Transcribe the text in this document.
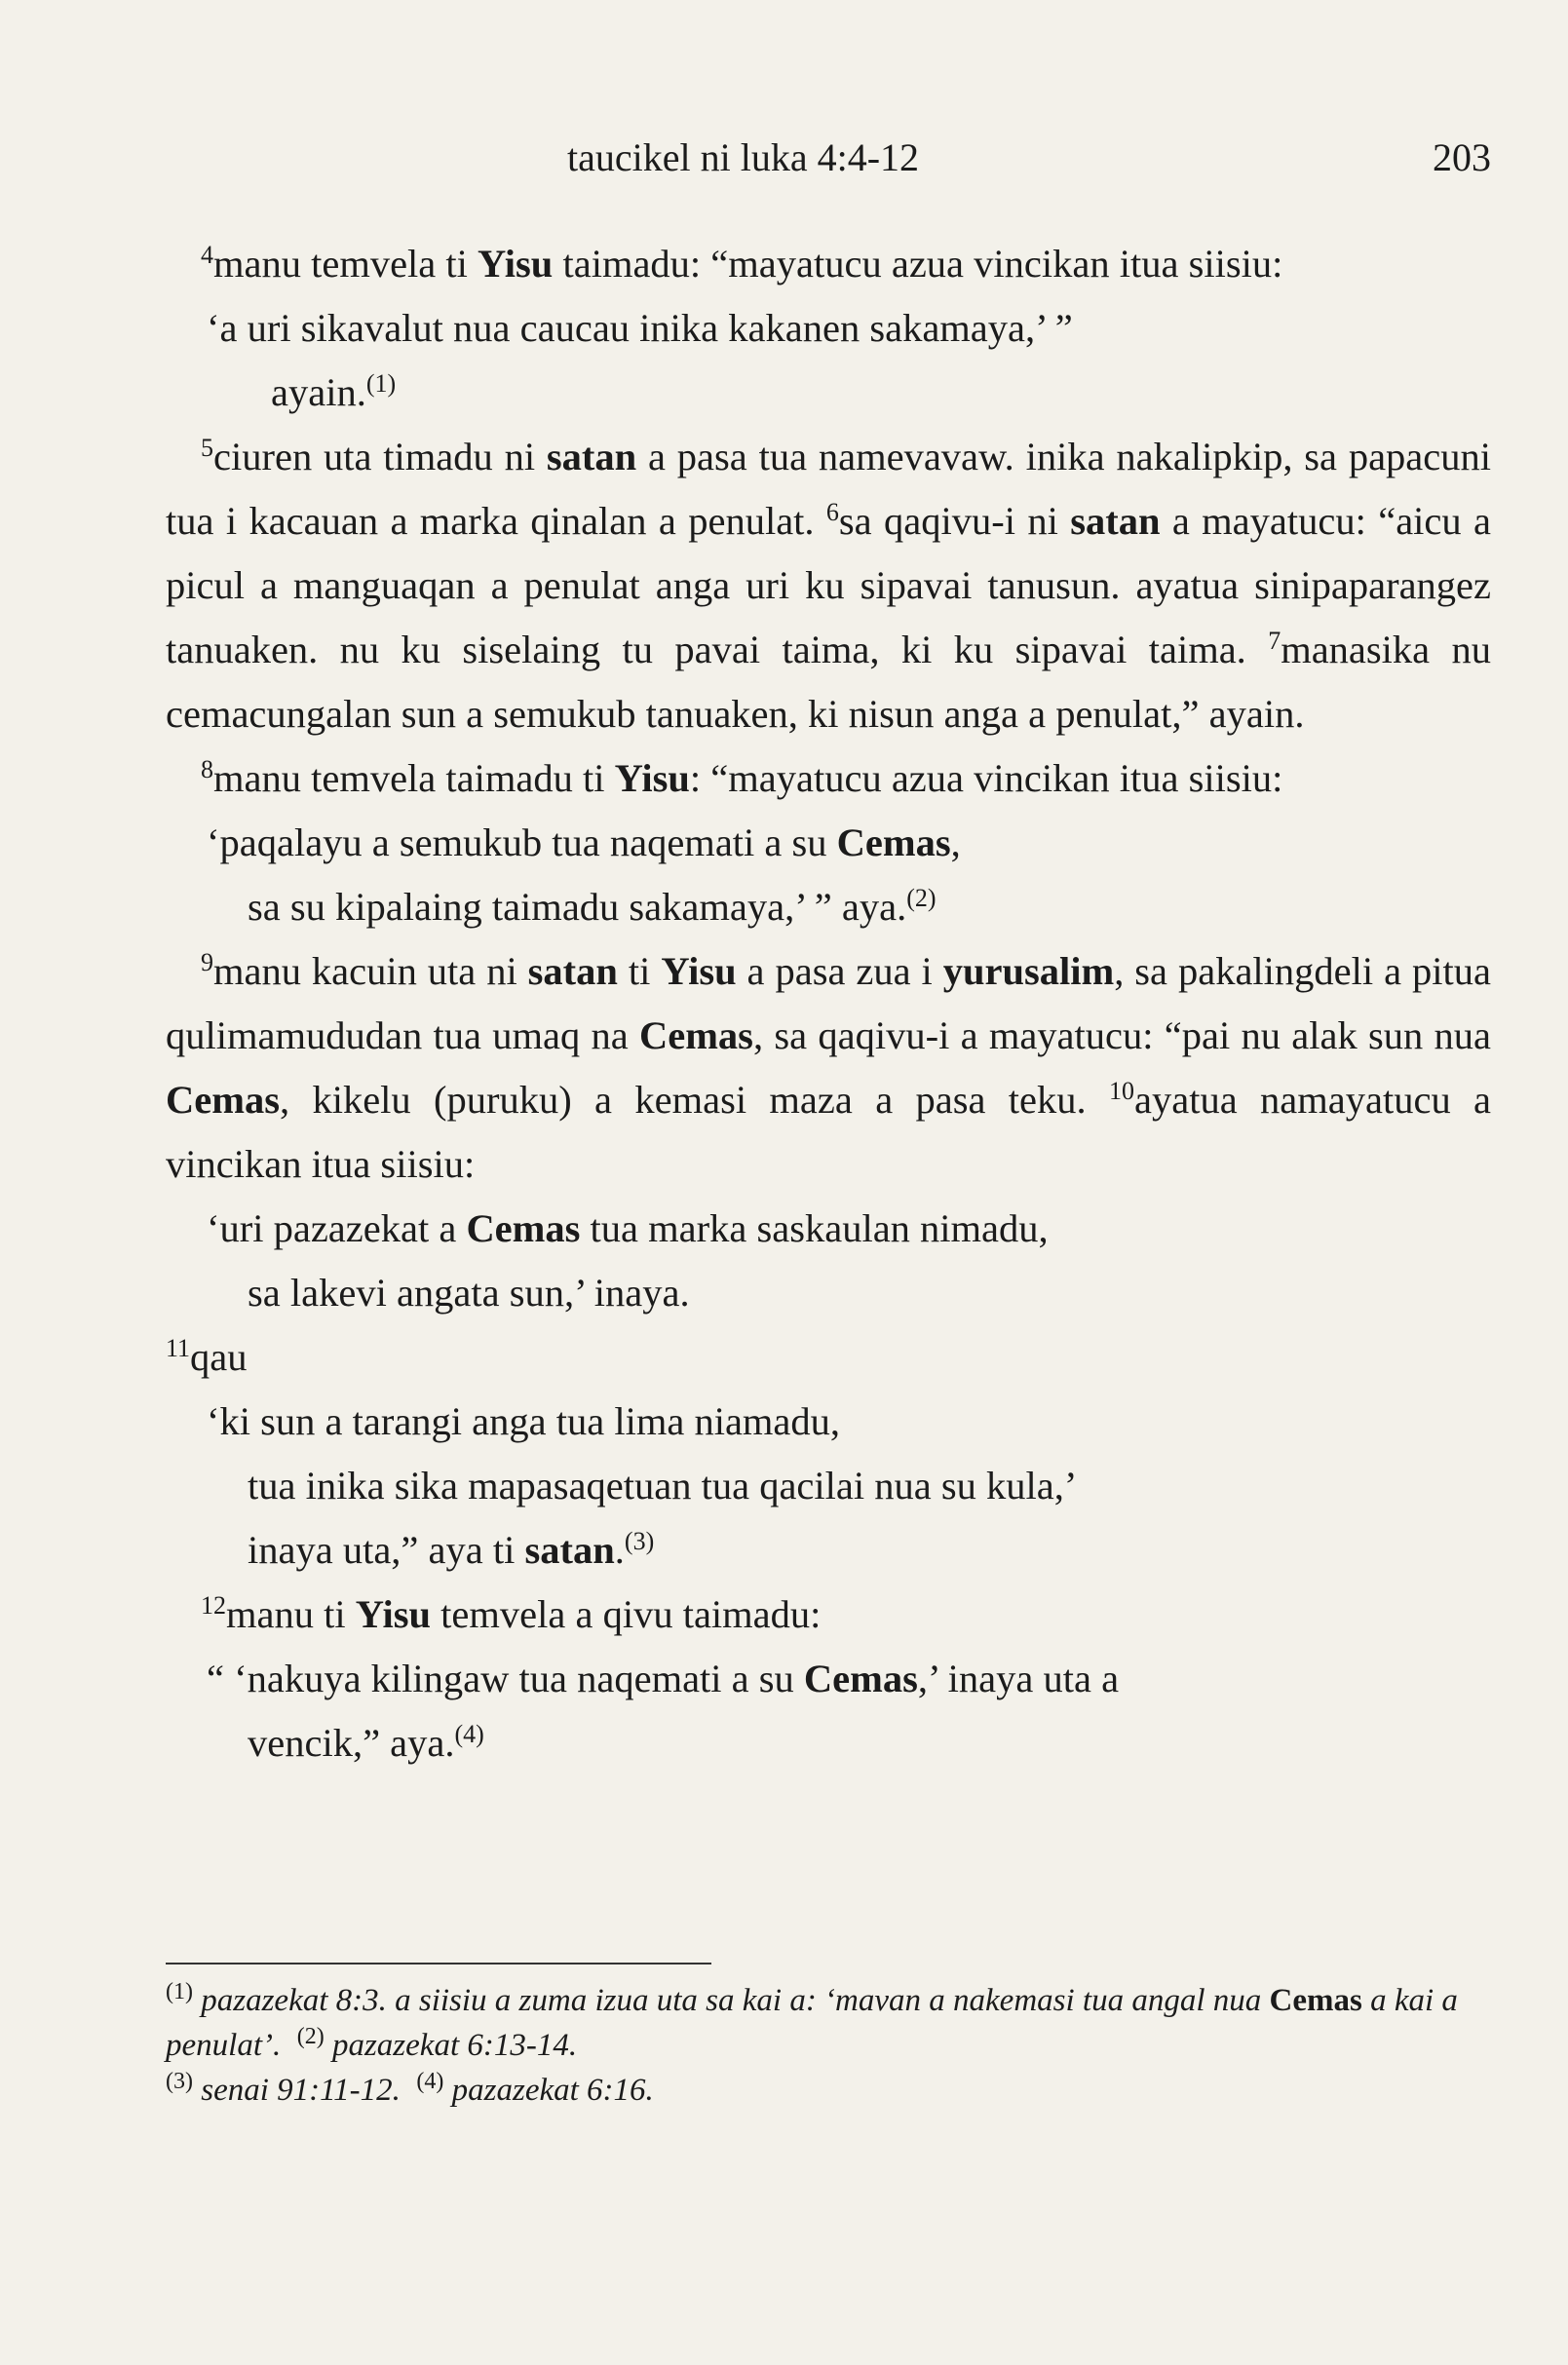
taucikel ni luka 4:4-12	203

$^4$manu temvela ti Yisu taimadu: “mayatucu azua vincikan itua siisiu:

‘a uri sikavalut nua caucau inika kakanen sakamaya,’ ”

ayain.$^{(1)}$

$^5$ciuren uta timadu ni satan a pasa tua namevavaw. inika nakalipkip, sa papacuni tua i kacauan a marka qinalan a penulat. $^6$sa qaqivu-i ni satan a mayatucu: “aicu a picul a manguaqan a penulat anga uri ku sipavai tanusun. ayatua sinipaparangez tanuaken. nu ku siselaing tu pavai taima, ki ku sipavai taima. $^7$manasika nu cemacungalan sun a semukub tanuaken, ki nisun anga a penulat,” ayain.

$^8$manu temvela taimadu ti Yisu: “mayatucu azua vincikan itua siisiu:

‘paqalayu a semukub tua naqemati a su Cemas,

sa su kipalaing taimadu sakamaya,’ ” aya.$^{(2)}$

$^9$manu kacuin uta ni satan ti Yisu a pasa zua i yurusalim, sa pakalingdeli a pitua qulimamududan tua umaq na Cemas, sa qaqivu-i a mayatucu: “pai nu alak sun nua Cemas, kikelu (puruku) a kemasi maza a pasa teku. $^{10}$ayatua namayatucu a vincikan itua siisiu:

‘uri pazazekat a Cemas tua marka saskaulan nimadu,

sa lakevi angata sun,’ inaya.

$^{11}$qau

‘ki sun a tarangi anga tua lima niamadu,

tua inika sika mapasaqetuan tua qacilai nua su kula,’

inaya uta,” aya ti satan.$^{(3)}$

$^{12}$manu ti Yisu temvela a qivu taimadu:

“ ‘nakuya kilingaw tua naqemati a su Cemas,’ inaya uta a

vencik,” aya.$^{(4)}$

$^{(1)}$ pazazekat 8:3. a siisiu a zuma izua uta sa kai a: ‘mavan a nakemasi tua angal nua Cemas a kai a penulat’. $^{(2)}$ pazazekat 6:13-14.
$^{(3)}$ senai 91:11-12. $^{(4)}$ pazazekat 6:16.
